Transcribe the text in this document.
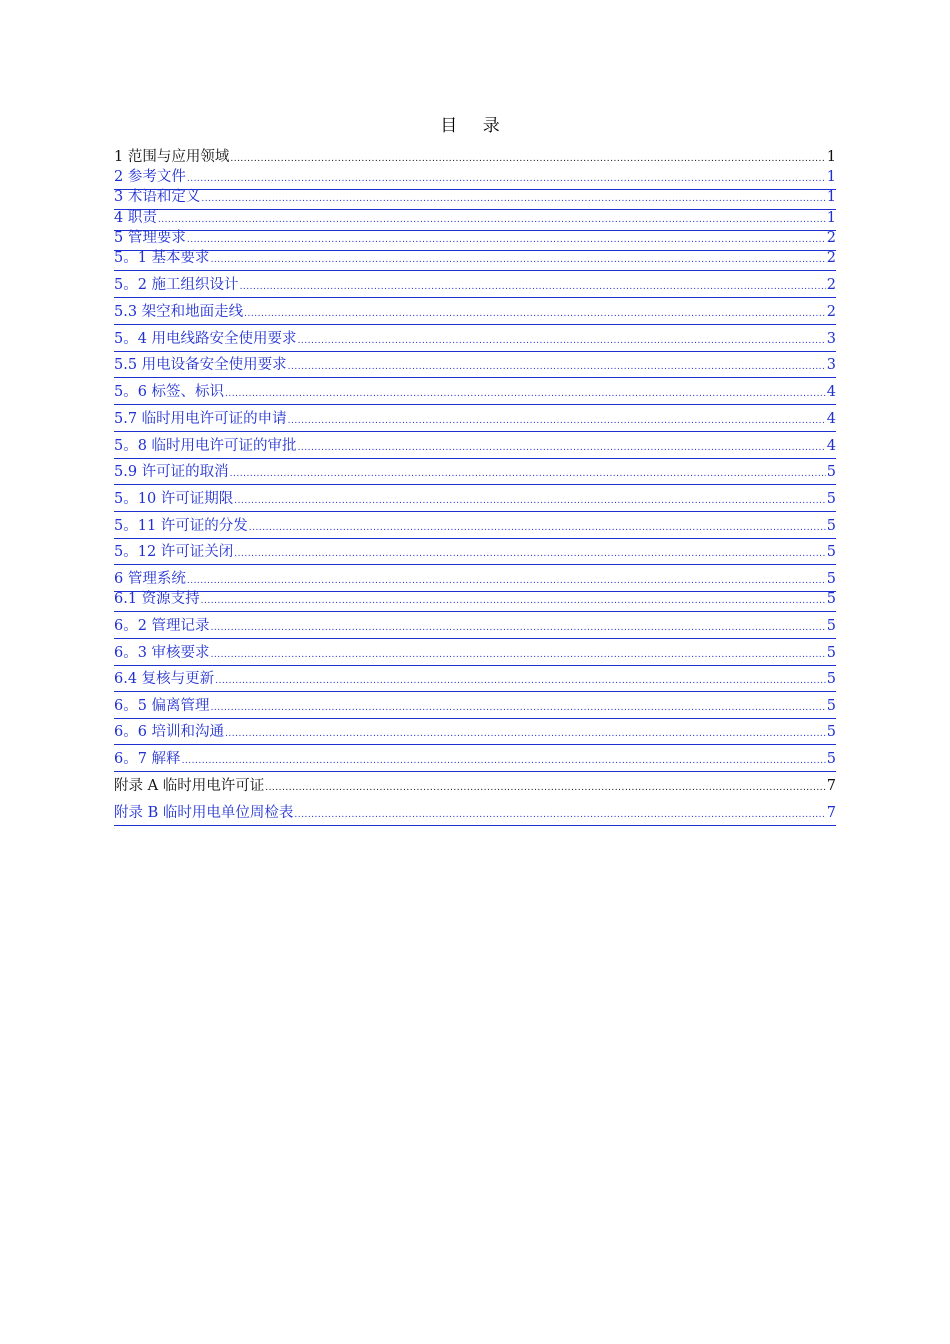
目 录
1 范围与应用领域 .....	1
2 参考文件 .....	1
3 术语和定义 .....	1
4 职责 .....	1
5 管理要求 .....	2
5。1 基本要求 .....	2
5。2 施工组织设计 .....	2
5.3 架空和地面走线 .....	2
5。4 用电线路安全使用要求 .....	3
5.5 用电设备安全使用要求 .....	3
5。6 标签、标识 .....	4
5.7 临时用电许可证的申请 .....	4
5。8 临时用电许可证的审批 .....	4
5.9 许可证的取消 .....	5
5。10 许可证期限 .....	5
5。11 许可证的分发 .....	5
5。12 许可证关闭 .....	5
6 管理系统 .....	5
6.1 资源支持 .....	5
6。2 管理记录 .....	5
6。3 审核要求 .....	5
6.4 复核与更新 .....	5
6。5 偏离管理 .....	5
6。6 培训和沟通 .....	5
6。7 解释 .....	5
附录 A 临时用电许可证 .....	7
附录 B 临时用电单位周检表 .....	7
